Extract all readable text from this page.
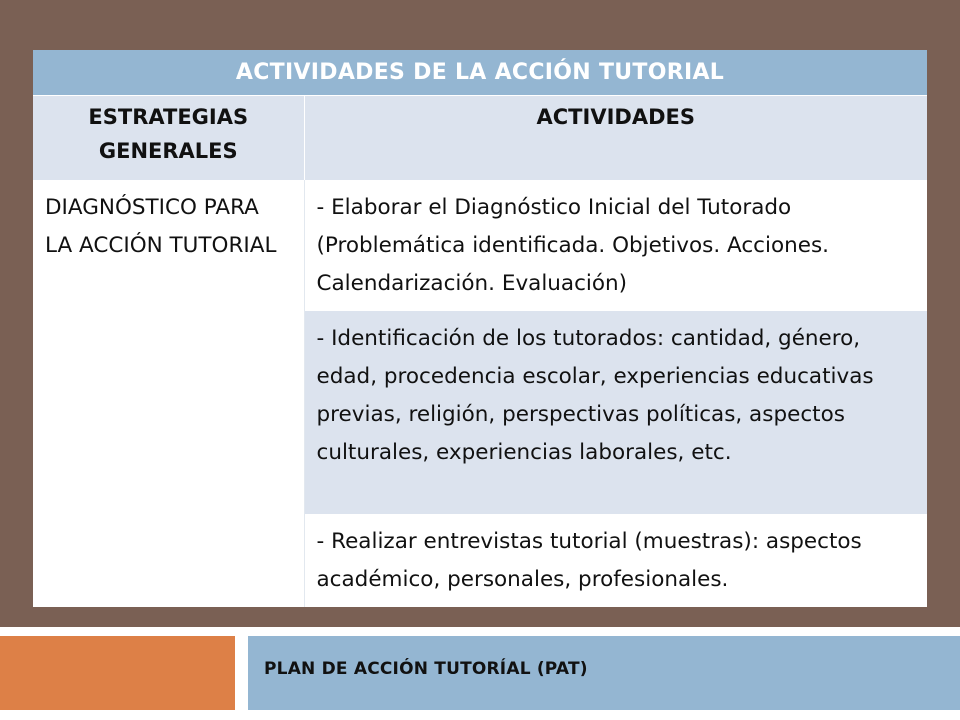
ACTIVIDADES DE LA ACCIÓN TUTORIAL	
ESTRATEGIAS GENERALES	ACTIVIDADES
DIAGNÓSTICO PARA LA ACCIÓN TUTORIAL	- Elaborar el Diagnóstico Inicial del Tutorado (Problemática identificada. Objetivos. Acciones. Calendarización. Evaluación)
	- Identificación de los tutorados: cantidad, género, edad, procedencia escolar, experiencias educativas previas, religión, perspectivas políticas, aspectos culturales, experiencias laborales, etc.
	- Realizar entrevistas tutorial (muestras): aspectos académico, personales, profesionales.
PLAN DE ACCIÓN TUTORÍAL (PAT)
